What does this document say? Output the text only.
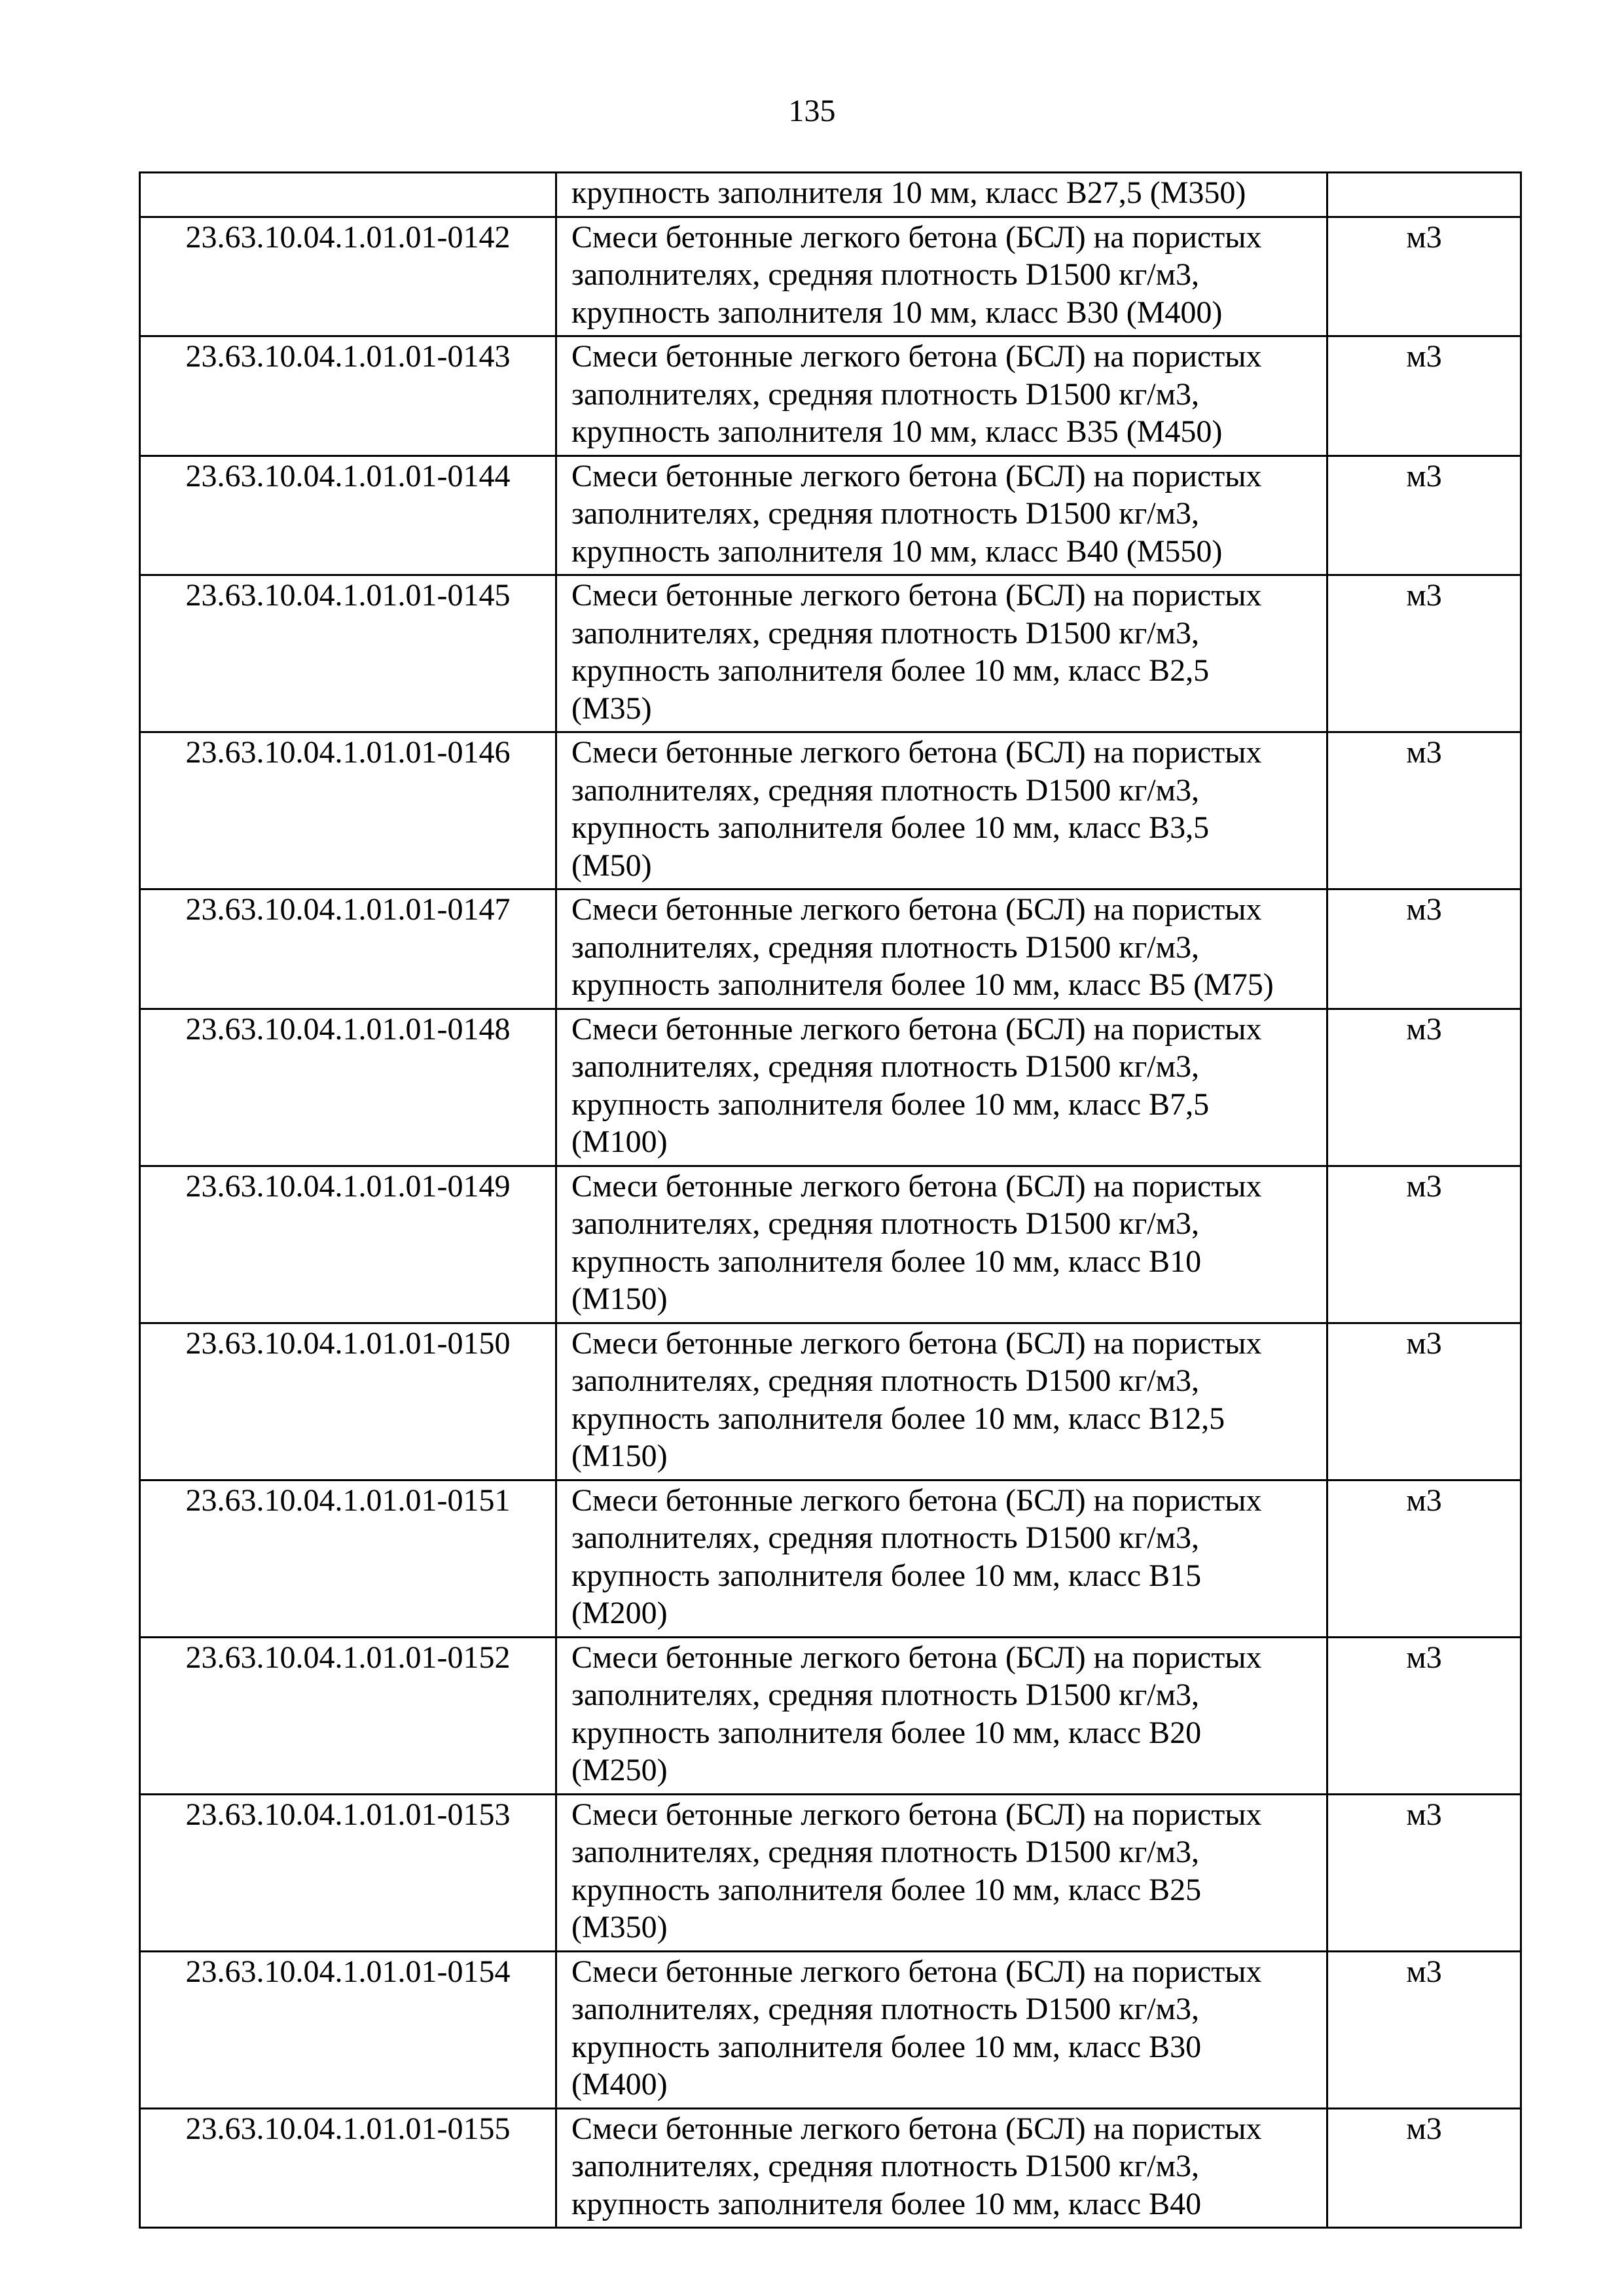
135

	крупность заполнителя 10 мм, класс B27,5 (М350)	

23.63.10.04.1.01.01-0142	Смеси бетонные легкого бетона (БСЛ) на пористых
заполнителях, средняя плотность D1500 кг/м3,
крупность заполнителя 10 мм, класс В30 (М400)	м3
23.63.10.04.1.01.01-0143	Смеси бетонные легкого бетона (БСЛ) на пористых
заполнителях, средняя плотность D1500 кг/м3,
крупность заполнителя 10 мм, класс В35 (М450)	м3
23.63.10.04.1.01.01-0144	Смеси бетонные легкого бетона (БСЛ) на пористых
заполнителях, средняя плотность D1500 кг/м3,
крупность заполнителя 10 мм, класс В40 (М550)	м3
23.63.10.04.1.01.01-0145	Смеси бетонные легкого бетона (БСЛ) на пористых
заполнителях, средняя плотность D1500 кг/м3,
крупность заполнителя более 10 мм, класс В2,5
(М35)	м3
23.63.10.04.1.01.01-0146	Смеси бетонные легкого бетона (БСЛ) на пористых
заполнителях, средняя плотность D1500 кг/м3,
крупность заполнителя более 10 мм, класс В3,5
(М50)	м3
23.63.10.04.1.01.01-0147	Смеси бетонные легкого бетона (БСЛ) на пористых
заполнителях, средняя плотность D1500 кг/м3,
крупность заполнителя более 10 мм, класс В5 (М75)	м3
23.63.10.04.1.01.01-0148	Смеси бетонные легкого бетона (БСЛ) на пористых
заполнителях, средняя плотность D1500 кг/м3,
крупность заполнителя более 10 мм, класс В7,5
(М100)	м3
23.63.10.04.1.01.01-0149	Смеси бетонные легкого бетона (БСЛ) на пористых
заполнителях, средняя плотность D1500 кг/м3,
крупность заполнителя более 10 мм, класс В10
(М150)	м3
23.63.10.04.1.01.01-0150	Смеси бетонные легкого бетона (БСЛ) на пористых
заполнителях, средняя плотность D1500 кг/м3,
крупность заполнителя более 10 мм, класс В12,5
(М150)	м3
23.63.10.04.1.01.01-0151	Смеси бетонные легкого бетона (БСЛ) на пористых
заполнителях, средняя плотность D1500 кг/м3,
крупность заполнителя более 10 мм, класс В15
(М200)	м3
23.63.10.04.1.01.01-0152	Смеси бетонные легкого бетона (БСЛ) на пористых
заполнителях, средняя плотность D1500 кг/м3,
крупность заполнителя более 10 мм, класс В20
(М250)	м3
23.63.10.04.1.01.01-0153	Смеси бетонные легкого бетона (БСЛ) на пористых
заполнителях, средняя плотность D1500 кг/м3,
крупность заполнителя более 10 мм, класс В25
(М350)	м3
23.63.10.04.1.01.01-0154	Смеси бетонные легкого бетона (БСЛ) на пористых
заполнителях, средняя плотность D1500 кг/м3,
крупность заполнителя более 10 мм, класс В30
(М400)	м3
23.63.10.04.1.01.01-0155	Смеси бетонные легкого бетона (БСЛ) на пористых
заполнителях, средняя плотность D1500 кг/м3,
крупность заполнителя более 10 мм, класс В40	м3
